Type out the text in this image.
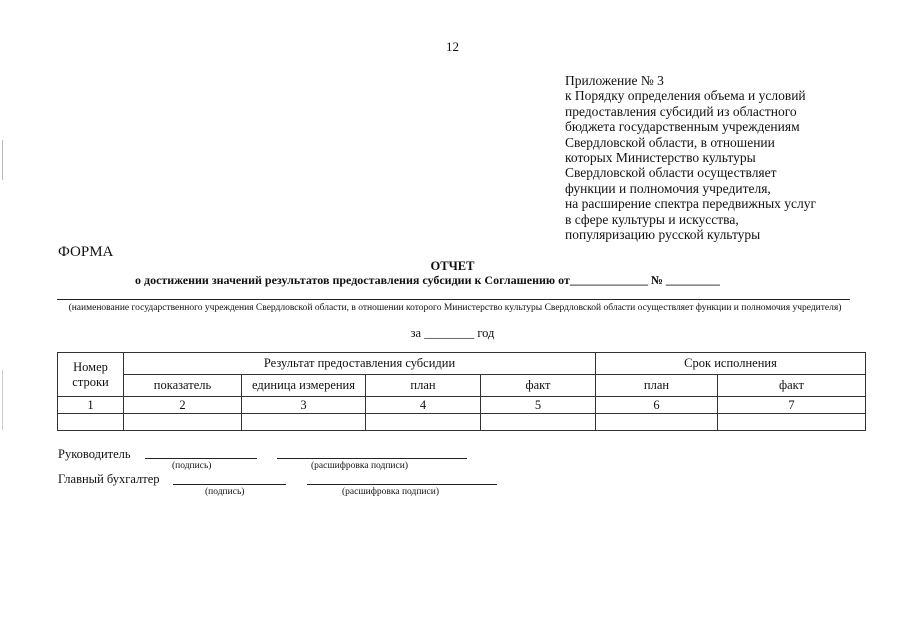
12
Приложение № 3
к Порядку определения объема и условий
предоставления субсидий из областного
бюджета государственным учреждениям
Свердловской области, в отношении
которых Министерство культуры
Свердловской области осуществляет
функции и полномочия учредителя,
на расширение спектра передвижных услуг
в сфере культуры и искусства,
популяризацию русской культуры
ФОРМА
ОТЧЕТ
о достижении значений результатов предоставления субсидии к Соглашению от_____________ № _________
(наименование государственного учреждения Свердловской области, в отношении которого Министерство культуры Свердловской области осуществляет функции и полномочия учредителя)
за ________ год
Номер строки	Результат предоставления субсидии				Срок исполнения	
	показатель	единица измерения	план	факт	план	факт
1	2	3	4	5	6	7

Руководитель
(подпись)	(расшифровка подписи)
Главный бухгалтер
(подпись)	(расшифровка подписи)
